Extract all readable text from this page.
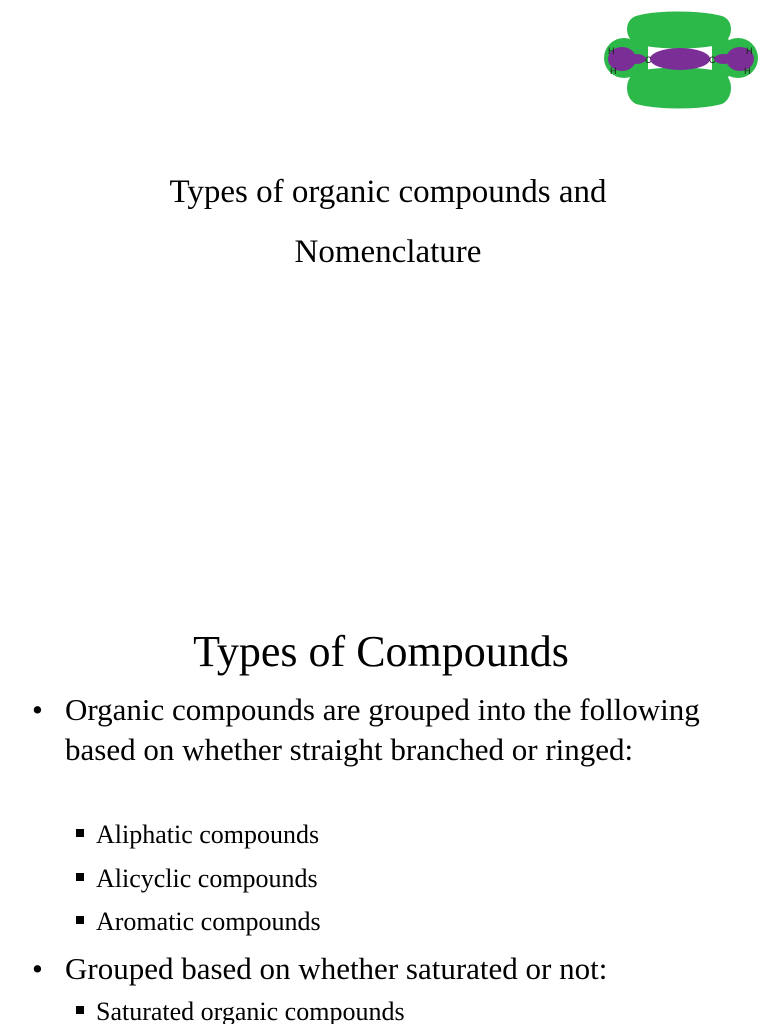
H
H
C	C
H
H
Types of organic compounds and
Nomenclature
Types of Compounds
• Organic compounds are grouped into the following based on whether straight branched or ringed:
Aliphatic compounds
Alicyclic compounds
Aromatic compounds
• Grouped based on whether saturated or not:
Saturated organic compounds
